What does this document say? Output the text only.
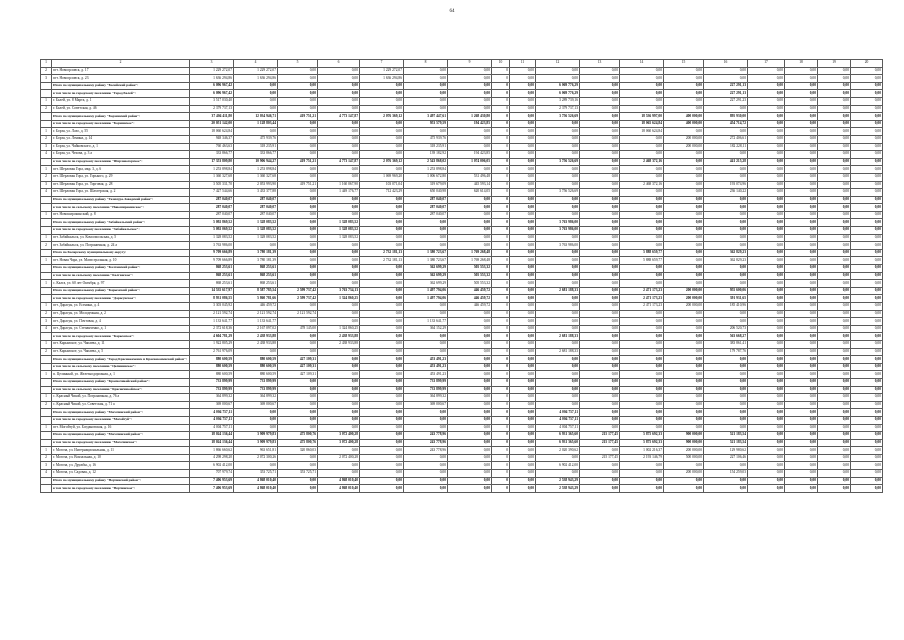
64
1	2	3	4	5	6	7	8	9	10	11	12	13	14	15	16	17	18	19	20
2	пгт. Новоорловск, д. 17	1 229 272,07	1 229 272,07	0,00	0,00	1 229 272,07	0,00	0,00	0	0,00	0,00	0,00	0,00	0,00	0,00	0,00	0,00	0,00	0,00
3	пгт. Новоорловск, д. 23	1 636 294,86	1 636 294,86	0,00	0,00	1 636 294,86	0,00	0,00	0	0,00	0,00	0,00	0,00	0,00	0,00	0,00	0,00	0,00	0,00
	Итого по муниципальному району "Балейский район":	6 096 967,42	0,00	0,00	0,00	0,00	0,00	0,00	0	0,00	6 069 776,29	0,00	0,00	0,00	227 291,13	0,00	0,00	0,00	0,00
	в том числе по городскому поселению "Город Балей":	6 096 967,42	0,00	0,00	0,00	0,00	0,00	0,00	0	0,00	6 069 776,29	0,00	0,00	0,00	227 291,13	0,00	0,00	0,00	0,00
1	г. Балей, ул. 8 Марта, д. 1	3 517 030,40	0,00	0,00	0,00	0,00	0,00	0,00	0	0,00	3 289 739,16	0,00	0,00	0,00	227 291,23	0,00	0,00	0,00	0,00
2	г. Балей, ул. Советская, д. 46	2 379 737,13	0,00	0,00	0,00	0,00	0,00	0,00	0	0,00	2 379 737,13	0,00	0,00	0,00	0,00	0,00	0,00	0,00	0,00
	Итого по муниципальному району "Борзинский район":	37 404 411,80	12 034 946,71	419 751,21	4 773 147,87	2 076 369,12	3 497 447,61	1 268 430,80	0	0,00	3 756 526,69	0,00	18 536 997,00	400 000,00	895 930,00	0,00	0,00	0,00	0,00
	в том числе по городскому поселению "Борзинское":	20 051 142,00	1 128 803,44	0,00	0,00	0,00	953 579,59	194 423,85	0	0,00	0,00	0,00	18 065 624,84	400 000,00	454 714,72	0,00	0,00	0,00	0,00
1	г. Борзя, ул. Лазо, д. 55	18 060 624,84	0,00	0,00	0,00	0,00	0,00	0,00	0	0,00	0,00	0,00	18 060 624,84	0,00	0,00	0,00	0,00	0,00	0,00
2	г. Борзя, ул. Ленина, д. 14	948 346,37	475 939,76	0,00	0,00	0,00	475 939,76	0,00	0	0,00	0,00	0,00	0,00	200 000,00	272 406,61	0,00	0,00	0,00	0,00
3	г. Борзя, ул. Чайковского, д. 1	760 463,63	318 235,91	0,00	0,00	0,00	318 235,91	0,00	0	0,00	0,00	0,00	0,00	200 000,00	182 228,11	0,00	0,00	0,00	0,00
4	г. Борзя, ул. Чехова, д. 3 а	333 866,77	333 866,77	0,00	0,00	0,00	139 182,92	194 423,85	0	0,00	0,00	0,00	0,00	0,00	0,00	0,00	0,00	0,00	0,00
	в том числе по городскому поселению "Шерловогорское":	17 353 809,80	10 906 944,27	419 751,21	4 773 147,87	2 076 369,12	2 543 868,02	1 074 006,05	0	0,00	3 756 526,69	0,00	2 468 372,16	0,00	441 215,28	0,00	0,00	0,00	0,00
1	пгт. Шерловая Гора, мкр. 3, д. 6	1 253 898,84	1 253 898,84	0,00	0,00	0,00	1 253 898,84	0,00	0	0,00	0,00	0,00	0,00	0,00	0,00	0,00	0,00	0,00	0,00
2	пгт. Шерловая Гора, ул. Горького, д. 29	1 360 327,68	1 360 327,68	0,00	0,00	1 069 969,20	1 006 672,80	531 496,48	0	0,00	0,00	0,00	0,00	0,00	0,00	0,00	0,00	0,00	0,00
3	пгт. Шерловая Гора, ул. Торговая, д. 28	3 505 331,70	2 053 993,90	419 751,21	1 160 067,90	103 071,04	319 679,09	445 593,14	0	0,00	0,00	0,00	2 468 372,16	0,00	193 074,96	0,00	0,00	0,00	0,00
4	пгт. Шерловая Гора, ул. Шахтерская, д. 2	7 427 544,66	3 433 377,88	0,00	1 449 176,77	712 423,29	650 040,98	620 614,05	0	0,00	3 756 526,69	0,00	0,00	0,00	236 140,22	0,00	0,00	0,00	0,00
	Итого по муниципальному району "Газимуро-Заводский район":	287 040,07	287 040,07	0,00	0,00	0,00	287 040,07	0,00	0	0,00	0,00	0,00	0,00	0,00	0,00	0,00	0,00	0,00	0,00
	в том числе по сельскому поселению "Новоширокинское":	287 040,07	287 040,07	0,00	0,00	0,00	287 040,07	0,00	0	0,00	0,00	0,00	0,00	0,00	0,00	0,00	0,00	0,00	0,00
1	пгт. Новоширокинский, д. 8	287 040,07	287 040,07	0,00	0,00	0,00	287 040,07	0,00	0	0,00	0,00	0,00	0,00	0,00	0,00	0,00	0,00	0,00	0,00
	Итого по муниципальному району "Забайкальский район":	5 092 869,52	1 328 083,52	0,00	1 328 083,52	0,00	0,00	0,00	0	0,00	3 763 986,00	0,00	0,00	0,00	0,00	0,00	0,00	0,00	0,00
	в том числе по городскому поселению "Забайкальское":	5 092 069,52	1 328 083,52	0,00	1 328 083,52	0,00	0,00	0,00	0	0,00	3 763 986,00	0,00	0,00	0,00	0,00	0,00	0,00	0,00	0,00
1	пгт. Забайкальск, ул. Комсомольская, д. 5	1 328 083,52	1 328 083,52	0,00	1 328 083,52	0,00	0,00	0,00	0	0,00	0,00	0,00	0,00	0,00	0,00	0,00	0,00	0,00	0,00
2	пгт. Забайкальск, ул. Пограничная, д. 24 а	3 763 986,00	0,00	0,00	0,00	0,00	0,00	0,00	0	0,00	3 763 986,00	0,00	0,00	0,00	0,00	0,00	0,00	0,00	0,00
	Итого по Каларскому муниципальному округу:	9 709 666,89	3 780 181,39	0,00	0,00	2 732 181,13	1 380 723,67	1 769 268,48	0	0,00	0,00	0,00	5 888 659,77	0,00	362 829,23	0,00	0,00	0,00	0,00
1	пгт. Новая Чара, ул. Магистральная, д. 10	9 709 666,89	3 780 181,39	0,00	0,00	2 732 181,13	1 380 723,67	1 769 268,48	0	0,00	0,00	0,00	5 888 659,77	0,00	362 829,23	0,00	0,00	0,00	0,00
	Итого по муниципальному району "Калганский район":	868 253,61	868 253,61	0,00	0,00	0,00	362 699,29	505 553,32	0	0,00	0,00	0,00	0,00	0,00	0,00	0,00	0,00	0,00	0,00
	в том числе по сельскому поселению "Калганское":	868 253,61	868 253,61	0,00	0,00	0,00	362 699,29	505 553,32	0	0,00	0,00	0,00	0,00	0,00	0,00	0,00	0,00	0,00	0,00
1	с. Калга, ул. 60 лет Октября, д. 97	868 253,61	868 253,61	0,00	0,00	0,00	362 699,29	505 553,32	0	0,00	0,00	0,00	0,00	0,00	0,00	0,00	0,00	0,00	0,00
	Итого по муниципальному району "Карымский район":	14 535 617,97	8 587 785,54	2 599 737,42	3 763 734,13	0,00	1 497 794,06	446 459,72	0	0,00	2 681 188,33	0,00	2 471 173,23	200 000,00	955 600,06	0,00	0,00	0,00	0,00
	в том числе по городскому поселению "Дарасунское":	8 931 086,55	5 860 781,66	2 599 737,42	1 324 860,25	0,00	1 497 794,06	446 459,72	0	0,00	0,00	0,00	2 471 173,23	200 000,00	391 931,65	0,00	0,00	0,00	0,00
1	пгт. Дарасун, ул. Есенина, д. 4	3 303 045,92	446 459,72	0,00	0,00	0,00	0,00	446 459,72	0	0,00	0,00	0,00	2 471 173,23	200 000,00	185 410,96	0,00	0,00	0,00	0,00
2	пгт. Дарасун, ул. Молодежная, д. 2	2 121 592,74	2 121 592,74	2 121 592,74	0,00	0,00	0,00	0,00	0	0,00	0,00	0,00	0,00	0,00	0,00	0,00	0,00	0,00	0,00
3	пгт. Дарасун, ул. Почтовая, д. 4	1 133 641,77	1 133 641,77	0,00	0,00	0,00	1 133 641,77	0,00	0	0,00	0,00	0,00	0,00	0,00	0,00	0,00	0,00	0,00	0,00
4	пгт. Дарасун, ул. Степанченко, д. 1	2 372 618,36	2 167 097,02	478 145,00	1 324 860,25	0,00	364 152,29	0,00	0	0,00	0,00	0,00	0,00	0,00	206 520,73	0,00	0,00	0,00	0,00
	в том числе по городскому поселению "Карымское":	4 604 781,29	2 438 933,88	0,00	2 438 933,88	0,00	0,00	0,00	0	0,00	2 681 188,33	0,00	0,00	0,00	563 668,27	0,00	0,00	0,00	0,00
1	пгт. Карымское, ул. Чапаева, д. 11	1 922 805,29	2 438 933,88	0,00	2 438 933,88	0,00	0,00	0,00	0	0,00	0,00	0,00	0,00	0,00	383 861,41	0,00	0,00	0,00	0,00
2	пгт. Карымское, ул. Чапаева, д. 5	2 761 976,09	0,00	0,00	0,00	0,00	0,00	0,00	0	0,00	2 681 188,33	0,00	0,00	0,00	179 787,76	0,00	0,00	0,00	0,00
	Итого по муниципальному району "Город Краснокаменск и Краснокаменский район":	880 600,59	880 600,59	427 109,31	0,00	0,00	453 491,23	0,00	0	0,00	0,00	0,00	0,00	0,00	0,00	0,00	0,00	0,00	0,00
	в том числе по сельскому поселению "Целинниское":	880 600,59	880 600,59	427 109,31	0,00	0,00	453 491,23	0,00	0	0,00	0,00	0,00	0,00	0,00	0,00	0,00	0,00	0,00	0,00
1	п. Целинный, ул. Железнодорожная, д. 1	880 600,59	880 600,59	427 109,31	0,00	0,00	453 491,23	0,00	0	0,00	0,00	0,00	0,00	0,00	0,00	0,00	0,00	0,00	0,00
	Итого по муниципальному району "Красночикойский район":	733 899,99	733 899,99	0,00	0,00	0,00	733 899,99	0,00	0	0,00	0,00	0,00	0,00	0,00	0,00	0,00	0,00	0,00	0,00
	в том числе по сельскому поселению "Красночикойское":	733 899,99	733 899,99	0,00	0,00	0,00	733 899,99	0,00	0	0,00	0,00	0,00	0,00	0,00	0,00	0,00	0,00	0,00	0,00
1	с. Красный Чикой, ул. Пограничная, д. 76 а	364 899,32	364 899,32	0,00	0,00	0,00	364 899,32	0,00	0	0,00	0,00	0,00	0,00	0,00	0,00	0,00	0,00	0,00	0,00
2	с. Красный Чикой, ул. Советская, д. 71 а	369 000,67	369 000,67	0,00	0,00	0,00	369 000,67	0,00	0	0,00	0,00	0,00	0,00	0,00	0,00	0,00	0,00	0,00	0,00
	Итого по муниципальному району "Могочинский район":	4 004 757,11	0,00	0,00	0,00	0,00	0,00	0,00	0	0,00	4 004 757,11	0,00	0,00	0,00	0,00	0,00	0,00	0,00	0,00
	в том числе по городскому поселению "Могойтуй":	4 004 757,11	0,00	0,00	0,00	0,00	0,00	0,00	0	0,00	4 004 757,11	0,00	0,00	0,00	0,00	0,00	0,00	0,00	0,00
1	пгт. Могойтуй, ул. Богдановская, д. 16	4 004 757,11	0,00	0,00	0,00	0,00	0,00	0,00	0	0,00	4 004 757,11	0,00	0,00	0,00	0,00	0,00	0,00	0,00	0,00
	Итого по муниципальному району "Могочинский район":	18 024 136,44	3 909 979,83	475 800,76	3 072 400,28	0,00	243 778,96	0,00	0	0,00	6 931 365,60	215 177,45	5 875 692,33	900 000,00	521 183,54	0,00	0,00	0,00	0,00
	в том числе по городскому поселению "Могочинское":	18 024 136,44	3 909 979,83	475 800,76	3 072 400,28	0,00	243 778,96	0,00	0	0,00	6 931 365,60	215 177,45	5 875 692,33	900 000,00	521 183,54	0,00	0,00	0,00	0,00
1	г. Могоча, ул. Интернациональная, д. 11	1 866 660,62	963 651,81	320 860,03	0,00	0,00	243 778,96	0,00	0	0,00	2 020 390,62	0,00	1 002 216,37	200 000,00	129 980,62	0,00	0,00	0,00	0,00
2	г. Могоча, ул. Вокзальная, д. 10	4 298 298,20	2 072 300,26	0,00	2 072 400,28	0,00	0,00	0,00	0	0,00	0,00	215 177,45	2 193 146,79	500 000,00	227 106,46	0,00	0,00	0,00	0,00
3	г. Могоча, ул. Дружбы, д. 16	6 902 412,00	0,00	0,00	0,00	0,00	0,00	0,00	0	0,00	6 902 412,00	0,00	0,00	0,00	0,00	0,00	0,00	0,00	0,00
4	г. Могоча, ул. Садовая, д. 12	707 979,74	353 725,71	353 725,71	0,00	0,00	0,00	0,00	0	0,00	0,00	0,00	0,00	200 000,00	154 259,03	0,00	0,00	0,00	0,00
	Итого по муниципальному району "Нерчинский район":	7 406 953,69	4 868 010,40	0,00	4 868 010,40	0,00	0,00	0,00	0	0,00	2 538 943,29	0,00	0,00	0,00	0,00	0,00	0,00	0,00	0,00
	в том числе по городскому поселению "Нерчинское":	7 406 953,69	4 868 010,40	0,00	4 868 010,40	0,00	0,00	0,00	0	0,00	2 538 943,29	0,00	0,00	0,00	0,00	0,00	0,00	0,00	0,00
